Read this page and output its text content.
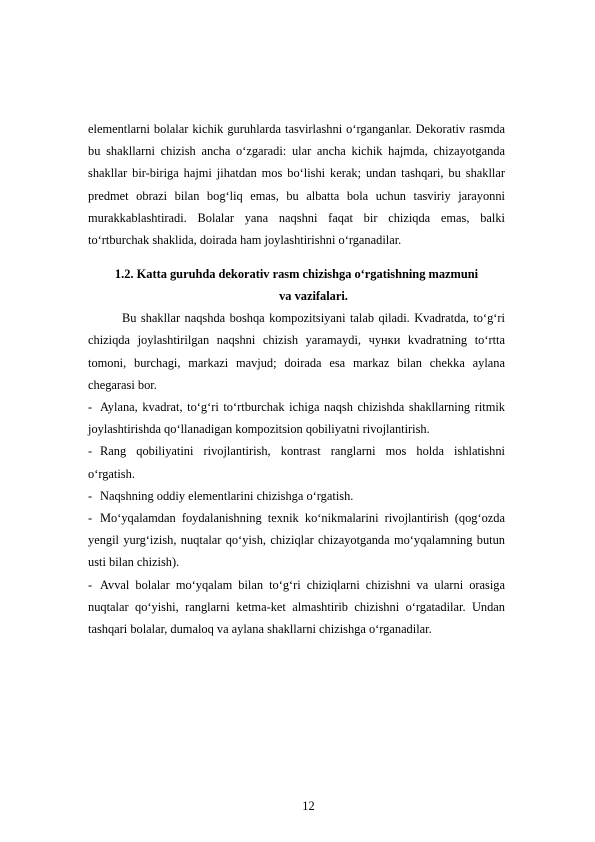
elementlarni bolalar kichik guruhlarda tasvirlashni o‘rganganlar. Dekorativ rasmda bu shakllarni chizish ancha o‘zgaradi: ular ancha kichik hajmda, chizayotganda shakllar bir-biriga hajmi jihatdan mos bo‘lishi kerak; undan tashqari, bu shakllar predmet obrazi bilan bog‘liq emas, bu albatta bola uchun tasviriy jarayonni murakkablashtiradi. Bolalar yana naqshni faqat bir chiziqda emas, balki to‘rtburchak shaklida, doirada ham joylashtirishni o‘rganadilar.

1.2. Katta guruhda dekorativ rasm chizishga o‘rgatishning mazmuni
va vazifalari.

Bu shakllar naqshda boshqa kompozitsiyani talab qiladi. Kvadratda, to‘g‘ri chiziqda joylashtirilgan naqshni chizish yaramaydi, чунки kvadratning to‘rtta tomoni, burchagi, markazi mavjud; doirada esa markaz bilan chekka aylana chegarasi bor.

- Aylana, kvadrat, to‘g‘ri to‘rtburchak ichiga naqsh chizishda shakllarning ritmik joylashtirishda qo‘llanadigan kompozitsion qobiliyatni rivojlantirish.

- Rang qobiliyatini rivojlantirish, kontrast ranglarni mos holda ishlatishni o‘rgatish.

- Naqshning oddiy elementlarini chizishga o‘rgatish.

- Mo‘yqalamdan foydalanishning texnik ko‘nikmalarini rivojlantirish (qog‘ozda yengil yurg‘izish, nuqtalar qo‘yish, chiziqlar chizayotganda mo‘yqalamning butun usti bilan chizish).

- Avval bolalar mo‘yqalam bilan to‘g‘ri chiziqlarni chizishni va ularni orasiga nuqtalar qo‘yishi, ranglarni ketma-ket almashtirib chizishni o‘rgatadilar. Undan tashqari bolalar, dumaloq va aylana shakllarni chizishga o‘rganadilar.

12
